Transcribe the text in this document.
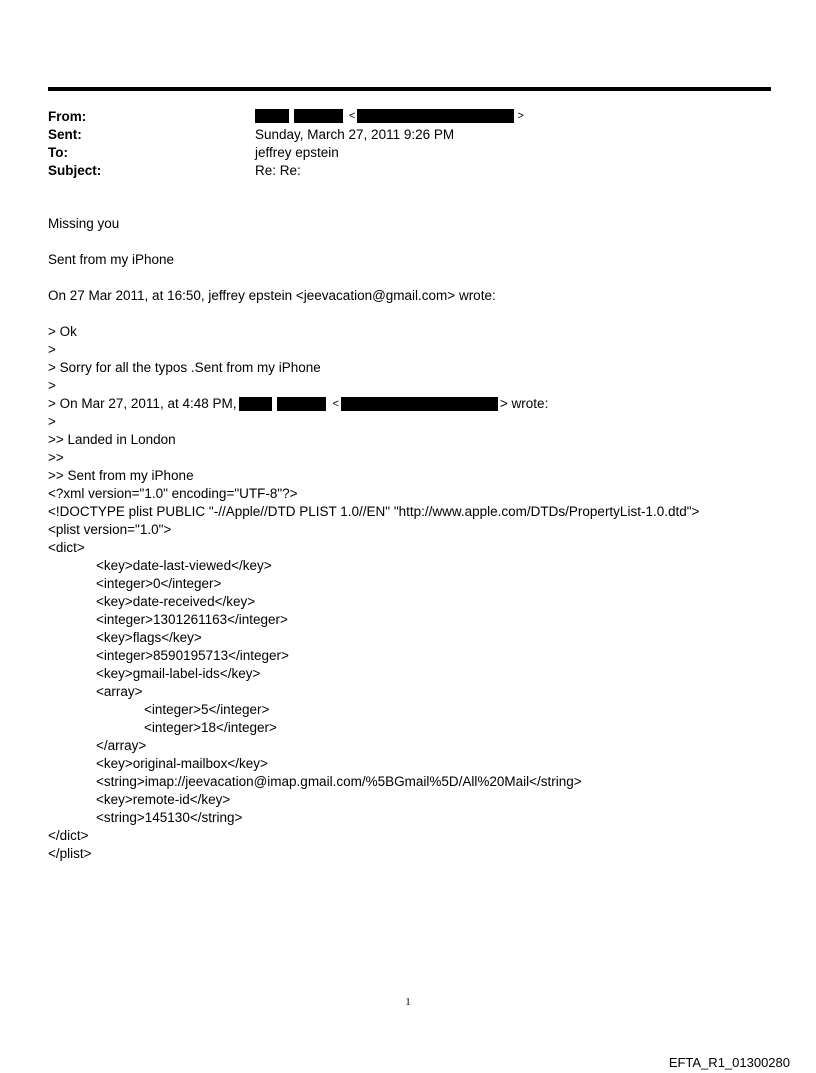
From:	<	>
Sent:	Sunday, March 27, 2011 9:26 PM
To:	jeffrey epstein
Subject:	Re: Re:
Missing you
Sent from my iPhone
On 27 Mar 2011, at 16:50, jeffrey epstein <jeevacation@gmail.com> wrote:
> Ok
>
> Sorry for all the typos .Sent from my iPhone
>
> On Mar 27, 2011, at 4:48 PM,	<	> wrote:
>
>> Landed in London
>>
>> Sent from my iPhone
<?xml version="1.0" encoding="UTF-8"?>
<!DOCTYPE plist PUBLIC "-//Apple//DTD PLIST 1.0//EN" "http://www.apple.com/DTDs/PropertyList-1.0.dtd">
<plist version="1.0">
<dict>
<key>date-last-viewed</key>
<integer>0</integer>
<key>date-received</key>
<integer>1301261163</integer>
<key>flags</key>
<integer>8590195713</integer>
<key>gmail-label-ids</key>
<array>
<integer>5</integer>
<integer>18</integer>
</array>
<key>original-mailbox</key>
<string>imap://jeevacation@imap.gmail.com/%5BGmail%5D/All%20Mail</string>
<key>remote-id</key>
<string>145130</string>
</dict>
</plist>
1
EFTA_R1_01300280
